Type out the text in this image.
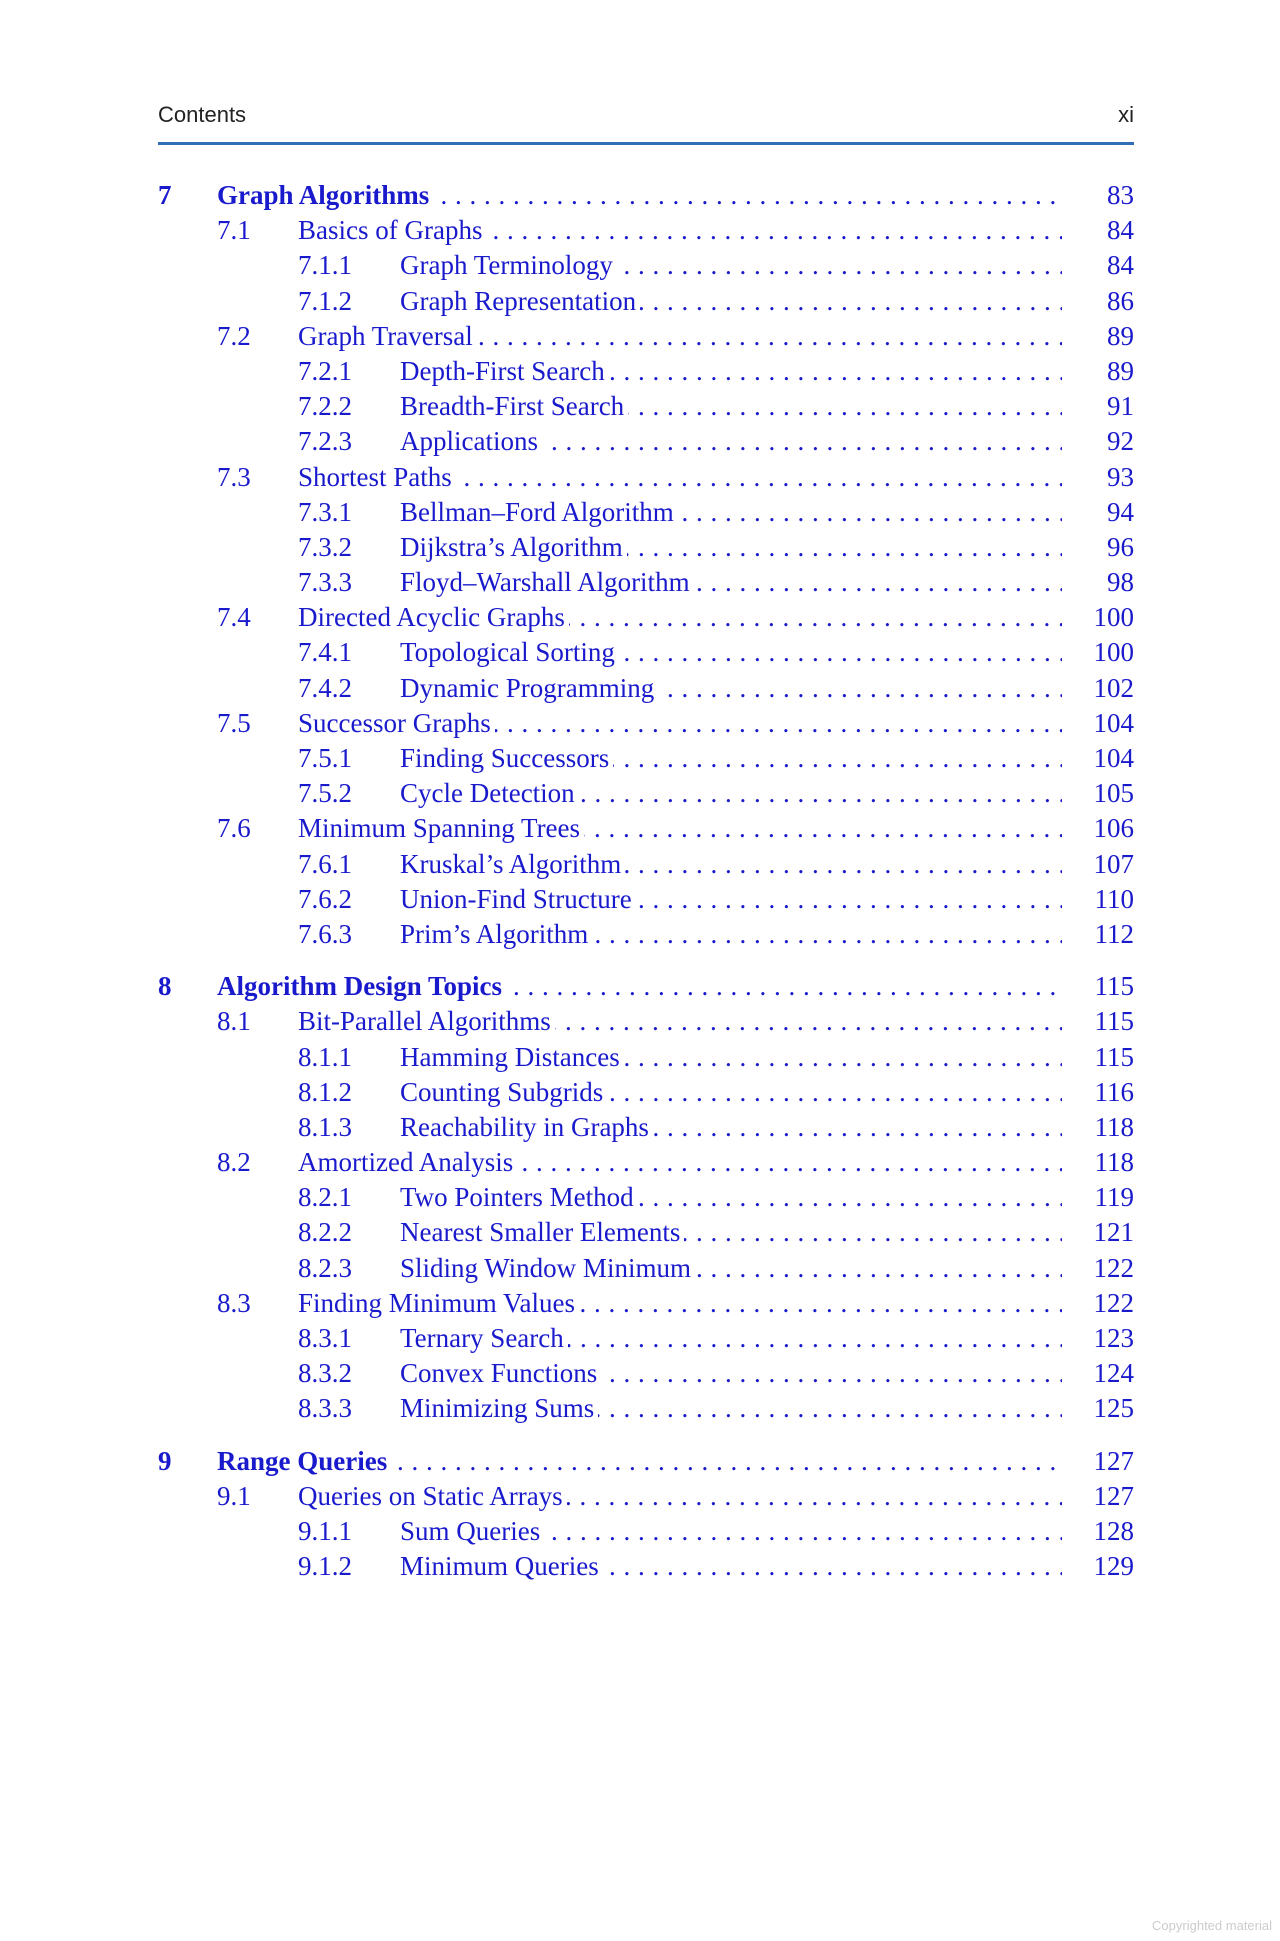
Contents	xi
7 Graph Algorithms . . .	83
7.1 Basics of Graphs . . .	84
7.1.1 Graph Terminology . . .	84
7.1.2 Graph Representation . . .	86
7.2 Graph Traversal . . .	89
7.2.1 Depth-First Search . . .	89
7.2.2 Breadth-First Search . . .	91
7.2.3 Applications . . .	92
7.3 Shortest Paths . . .	93
7.3.1 Bellman–Ford Algorithm . . .	94
7.3.2 Dijkstra’s Algorithm . . .	96
7.3.3 Floyd–Warshall Algorithm . . .	98
7.4 Directed Acyclic Graphs . . .	100
7.4.1 Topological Sorting . . .	100
7.4.2 Dynamic Programming . . .	102
7.5 Successor Graphs . . .	104
7.5.1 Finding Successors . . .	104
7.5.2 Cycle Detection . . .	105
7.6 Minimum Spanning Trees . . .	106
7.6.1 Kruskal’s Algorithm . . .	107
7.6.2 Union-Find Structure . . .	110
7.6.3 Prim’s Algorithm . . .	112
8 Algorithm Design Topics . . .	115
8.1 Bit-Parallel Algorithms . . .	115
8.1.1 Hamming Distances . . .	115
8.1.2 Counting Subgrids . . .	116
8.1.3 Reachability in Graphs . . .	118
8.2 Amortized Analysis . . .	118
8.2.1 Two Pointers Method . . .	119
8.2.2 Nearest Smaller Elements . . .	121
8.2.3 Sliding Window Minimum . . .	122
8.3 Finding Minimum Values . . .	122
8.3.1 Ternary Search . . .	123
8.3.2 Convex Functions . . .	124
8.3.3 Minimizing Sums . . .	125
9 Range Queries . . .	127
9.1 Queries on Static Arrays . . .	127
9.1.1 Sum Queries . . .	128
9.1.2 Minimum Queries . . .	129
Copyrighted material
